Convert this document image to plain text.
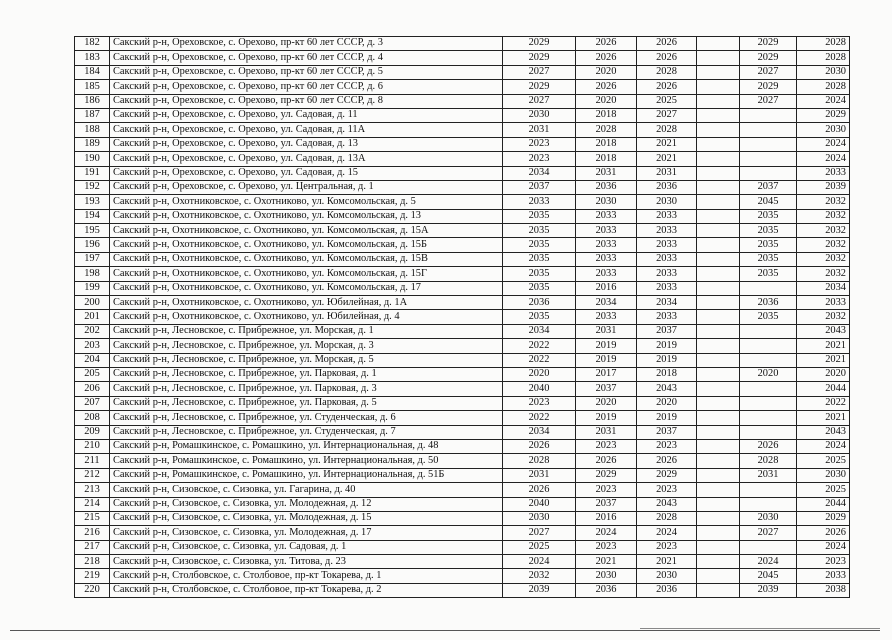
182	Сакский р-н, Ореховское, с. Орехово, пр-кт 60 лет СССР, д. 3	2029	2026	2026		2029	2028
183	Сакский р-н, Ореховское, с. Орехово, пр-кт 60 лет СССР, д. 4	2029	2026	2026		2029	2028
184	Сакский р-н, Ореховское, с. Орехово, пр-кт 60 лет СССР, д. 5	2027	2020	2028		2027	2030
185	Сакский р-н, Ореховское, с. Орехово, пр-кт 60 лет СССР, д. 6	2029	2026	2026		2029	2028
186	Сакский р-н, Ореховское, с. Орехово, пр-кт 60 лет СССР, д. 8	2027	2020	2025		2027	2024
187	Сакский р-н, Ореховское, с. Орехово, ул. Садовая, д. 11	2030	2018	2027			2029
188	Сакский р-н, Ореховское, с. Орехово, ул. Садовая, д. 11А	2031	2028	2028			2030
189	Сакский р-н, Ореховское, с. Орехово, ул. Садовая, д. 13	2023	2018	2021			2024
190	Сакский р-н, Ореховское, с. Орехово, ул. Садовая, д. 13А	2023	2018	2021			2024
191	Сакский р-н, Ореховское, с. Орехово, ул. Садовая, д. 15	2034	2031	2031			2033
192	Сакский р-н, Ореховское, с. Орехово, ул. Центральная, д. 1	2037	2036	2036		2037	2039
193	Сакский р-н, Охотниковское, с. Охотниково, ул. Комсомольская, д. 5	2033	2030	2030		2045	2032
194	Сакский р-н, Охотниковское, с. Охотниково, ул. Комсомольская, д. 13	2035	2033	2033		2035	2032
195	Сакский р-н, Охотниковское, с. Охотниково, ул. Комсомольская, д. 15А	2035	2033	2033		2035	2032
196	Сакский р-н, Охотниковское, с. Охотниково, ул. Комсомольская, д. 15Б	2035	2033	2033		2035	2032
197	Сакский р-н, Охотниковское, с. Охотниково, ул. Комсомольская, д. 15В	2035	2033	2033		2035	2032
198	Сакский р-н, Охотниковское, с. Охотниково, ул. Комсомольская, д. 15Г	2035	2033	2033		2035	2032
199	Сакский р-н, Охотниковское, с. Охотниково, ул. Комсомольская, д. 17	2035	2016	2033			2034
200	Сакский р-н, Охотниковское, с. Охотниково, ул. Юбилейная, д. 1А	2036	2034	2034		2036	2033
201	Сакский р-н, Охотниковское, с. Охотниково, ул. Юбилейная, д. 4	2035	2033	2033		2035	2032
202	Сакский р-н, Лесновское, с. Прибрежное, ул. Морская, д. 1	2034	2031	2037			2043
203	Сакский р-н, Лесновское, с. Прибрежное, ул. Морская, д. 3	2022	2019	2019			2021
204	Сакский р-н, Лесновское, с. Прибрежное, ул. Морская, д. 5	2022	2019	2019			2021
205	Сакский р-н, Лесновское, с. Прибрежное, ул. Парковая, д. 1	2020	2017	2018		2020	2020
206	Сакский р-н, Лесновское, с. Прибрежное, ул. Парковая, д. 3	2040	2037	2043			2044
207	Сакский р-н, Лесновское, с. Прибрежное, ул. Парковая, д. 5	2023	2020	2020			2022
208	Сакский р-н, Лесновское, с. Прибрежное, ул. Студенческая, д. 6	2022	2019	2019			2021
209	Сакский р-н, Лесновское, с. Прибрежное, ул. Студенческая, д. 7	2034	2031	2037			2043
210	Сакский р-н, Ромашкинское, с. Ромашкино, ул. Интернациональная, д. 48	2026	2023	2023		2026	2024
211	Сакский р-н, Ромашкинское, с. Ромашкино, ул. Интернациональная, д. 50	2028	2026	2026		2028	2025
212	Сакский р-н, Ромашкинское, с. Ромашкино, ул. Интернациональная, д. 51Б	2031	2029	2029		2031	2030
213	Сакский р-н, Сизовское, с. Сизовка, ул. Гагарина, д. 40	2026	2023	2023			2025
214	Сакский р-н, Сизовское, с. Сизовка, ул. Молодежная, д. 12	2040	2037	2043			2044
215	Сакский р-н, Сизовское, с. Сизовка, ул. Молодежная, д. 15	2030	2016	2028		2030	2029
216	Сакский р-н, Сизовское, с. Сизовка, ул. Молодежная, д. 17	2027	2024	2024		2027	2026
217	Сакский р-н, Сизовское, с. Сизовка, ул. Садовая, д. 1	2025	2023	2023			2024
218	Сакский р-н, Сизовское, с. Сизовка, ул. Титова, д. 23	2024	2021	2021		2024	2023
219	Сакский р-н, Столбовское, с. Столбовое, пр-кт Токарева, д. 1	2032	2030	2030		2045	2033
220	Сакский р-н, Столбовское, с. Столбовое, пр-кт Токарева, д. 2	2039	2036	2036		2039	2038
